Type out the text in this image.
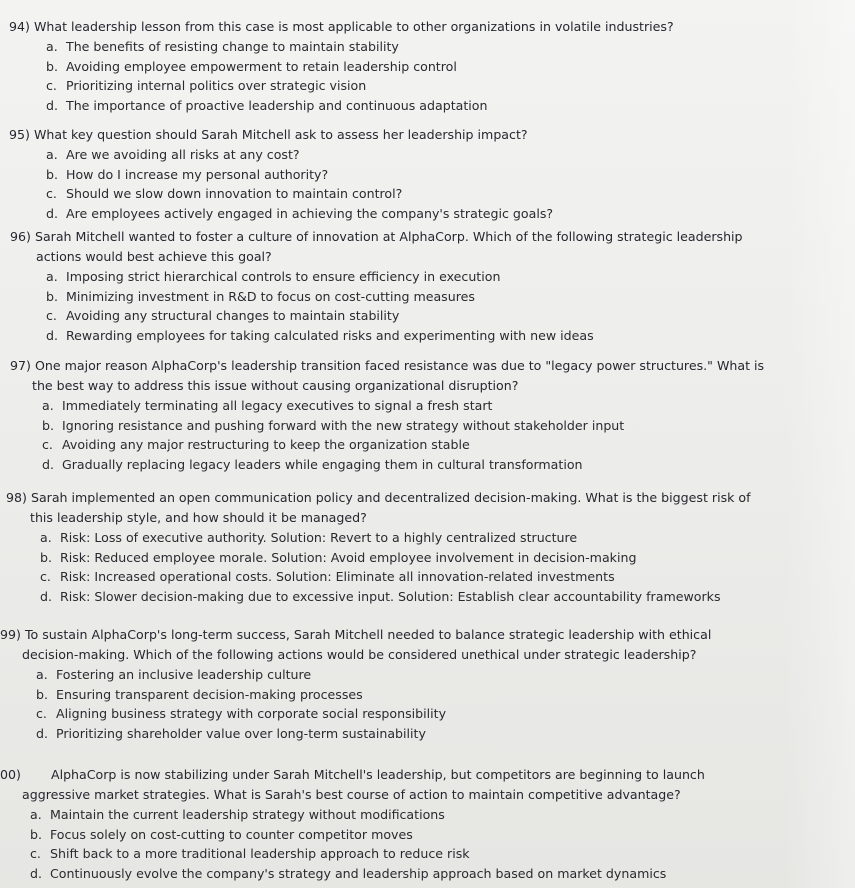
94) What leadership lesson from this case is most applicable to other organizations in volatile industries?
a. The benefits of resisting change to maintain stability
b. Avoiding employee empowerment to retain leadership control
c. Prioritizing internal politics over strategic vision
d. The importance of proactive leadership and continuous adaptation
95) What key question should Sarah Mitchell ask to assess her leadership impact?
a. Are we avoiding all risks at any cost?
b. How do I increase my personal authority?
c. Should we slow down innovation to maintain control?
d. Are employees actively engaged in achieving the company's strategic goals?
96) Sarah Mitchell wanted to foster a culture of innovation at AlphaCorp. Which of the following strategic leadership
actions would best achieve this goal?
a. Imposing strict hierarchical controls to ensure efficiency in execution
b. Minimizing investment in R&D to focus on cost-cutting measures
c. Avoiding any structural changes to maintain stability
d. Rewarding employees for taking calculated risks and experimenting with new ideas
97) One major reason AlphaCorp's leadership transition faced resistance was due to "legacy power structures." What is
the best way to address this issue without causing organizational disruption?
a. Immediately terminating all legacy executives to signal a fresh start
b. Ignoring resistance and pushing forward with the new strategy without stakeholder input
c. Avoiding any major restructuring to keep the organization stable
d. Gradually replacing legacy leaders while engaging them in cultural transformation
98) Sarah implemented an open communication policy and decentralized decision-making. What is the biggest risk of
this leadership style, and how should it be managed?
a. Risk: Loss of executive authority. Solution: Revert to a highly centralized structure
b. Risk: Reduced employee morale. Solution: Avoid employee involvement in decision-making
c. Risk: Increased operational costs. Solution: Eliminate all innovation-related investments
d. Risk: Slower decision-making due to excessive input. Solution: Establish clear accountability frameworks
99) To sustain AlphaCorp's long-term success, Sarah Mitchell needed to balance strategic leadership with ethical
decision-making. Which of the following actions would be considered unethical under strategic leadership?
a. Fostering an inclusive leadership culture
b. Ensuring transparent decision-making processes
c. Aligning business strategy with corporate social responsibility
d. Prioritizing shareholder value over long-term sustainability
00) AlphaCorp is now stabilizing under Sarah Mitchell's leadership, but competitors are beginning to launch
aggressive market strategies. What is Sarah's best course of action to maintain competitive advantage?
a. Maintain the current leadership strategy without modifications
b. Focus solely on cost-cutting to counter competitor moves
c. Shift back to a more traditional leadership approach to reduce risk
d. Continuously evolve the company's strategy and leadership approach based on market dynamics
